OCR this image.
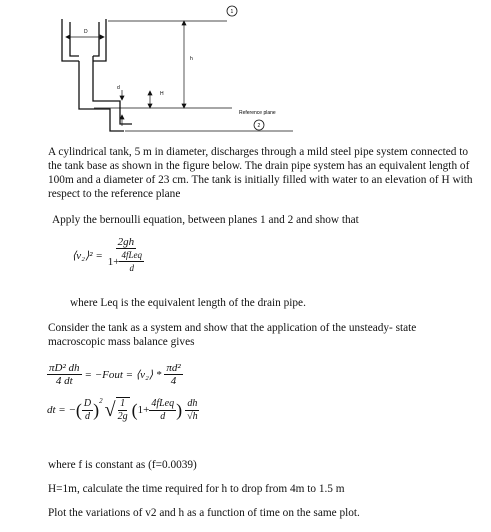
D
h
H
d
Reference plane
1
2
A cylindrical tank, 5 m in diameter, discharges through a mild steel pipe system connected to the tank base as shown in the figure below. The drain pipe system has an equivalent length of 100m and a diameter of 23 cm. The tank is initially filled with water to an elevation of H with respect to the reference plane
Apply the bernoulli equation, between planes 1 and 2 and show that
⟨v₂⟩² = $\frac{2gh}{1+ \frac{\text{4fLeq}}{d}}$
where Leq is the equivalent length of the drain pipe.
Consider the tank as a system and show that the application of the unsteady- state macroscopic mass balance gives
$\frac{\text{πD² dh}}{4 dt}$ = −Fout = ⟨v₂⟩ * $\frac{\text{πd²}}{4}$
dt = − ( $\frac{D}{d} )^2$ √ $\frac{1}{2g}$ ( $1+ \frac{\text{4fLeq}}{d}$ ) $\frac{dh}{√h}$
where f is constant as (f=0.0039)
H=1m, calculate the time required for h to drop from 4m to 1.5 m
Plot the variations of v2 and h as a function of time on the same plot.
